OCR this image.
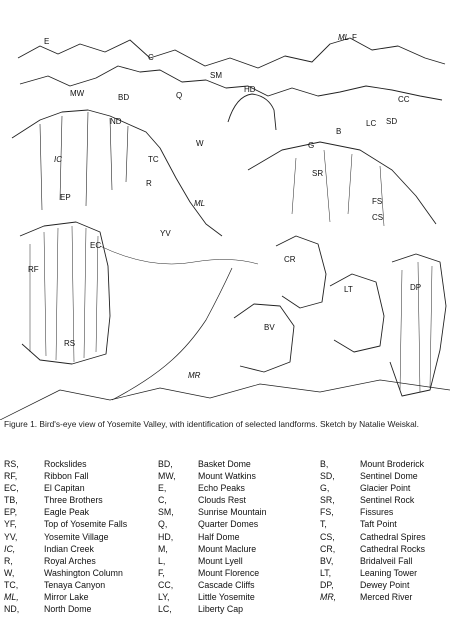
E	ML F
C
SM
MW	HD
BD	Q	CC
LC SD
B
G
ND
TC
W
IC
SR
R
ML
EP	FS
CS
YV
EC
CR
DP
RF
LT
RS
BV
MR
Figure 1. Bird's-eye view of Yosemite Valley, with identification of selected landforms. Sketch by Natalie Weiskal.
RS,	Rockslides
RF,	Ribbon Fall
EC,	El Capitan
TB,	Three Brothers
EP,	Eagle Peak
YF,	Top of Yosemite Falls
YV,	Yosemite Village
IC,	Indian Creek
R,	Royal Arches
W,	Washington Column
TC,	Tenaya Canyon
ML,	Mirror Lake
ND,	North Dome
BD,	Basket Dome
MW,	Mount Watkins
E,	Echo Peaks
C,	Clouds Rest
SM,	Sunrise Mountain
Q,	Quarter Domes
HD,	Half Dome
M,	Mount Maclure
L,	Mount Lyell
F,	Mount Florence
CC,	Cascade Cliffs
LY,	Little Yosemite
LC,	Liberty Cap
B,	Mount Broderick
SD,	Sentinel Dome
G,	Glacier Point
SR,	Sentinel Rock
FS,	Fissures
T,	Taft Point
CS,	Cathedral Spires
CR,	Cathedral Rocks
BV,	Bridalveil Fall
LT,	Leaning Tower
DP,	Dewey Point
MR,	Merced River
